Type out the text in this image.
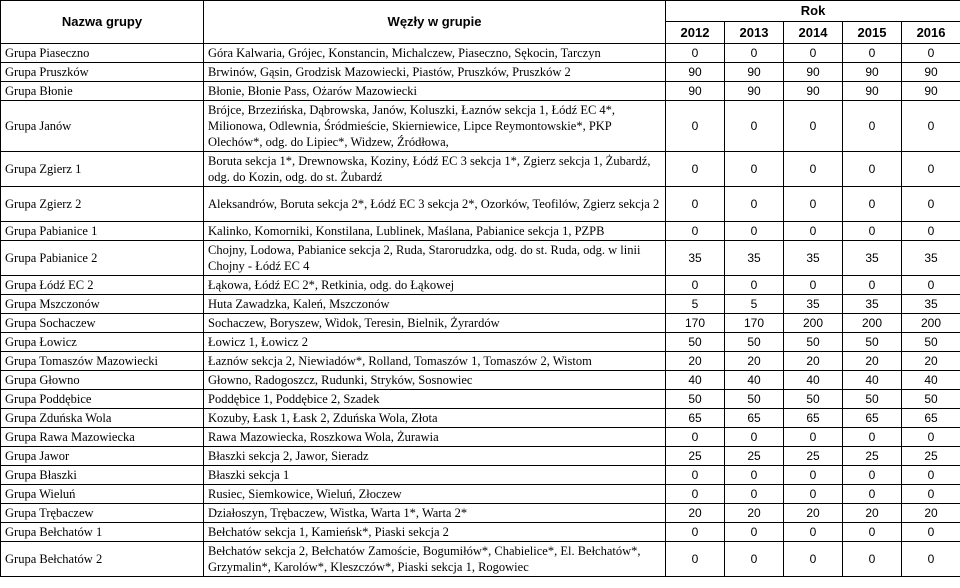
Nazwa grupy	Węzły w grupie	Rok				
		2012	2013	2014	2015	2016
Grupa Piaseczno	Góra Kalwaria, Grójec, Konstancin, Michalczew, Piaseczno, Sękocin, Tarczyn	0	0	0	0	0
Grupa Pruszków	Brwinów, Gąsin, Grodzisk Mazowiecki, Piastów, Pruszków, Pruszków 2	90	90	90	90	90
Grupa Błonie	Błonie, Błonie Pass, Ożarów Mazowiecki	90	90	90	90	90
Grupa Janów	Brójce, Brzezińska, Dąbrowska, Janów, Koluszki, Łaznów sekcja 1, Łódź EC 4*, Milionowa, Odlewnia, Śródmieście, Skierniewice, Lipce Reymontowskie*, PKP Olechów*, odg. do Lipiec*, Widzew, Źródłowa,	0	0	0	0	0
Grupa Zgierz 1	Boruta sekcja 1*, Drewnowska, Koziny, Łódź EC 3 sekcja 1*, Zgierz sekcja 1, Żubardź, odg. do Kozin, odg. do st. Żubardź	0	0	0	0	0
Grupa Zgierz 2	Aleksandrów, Boruta sekcja 2*, Łódź EC 3 sekcja 2*, Ozorków, Teofilów, Zgierz sekcja 2	0	0	0	0	0
Grupa Pabianice 1	Kalinko, Komorniki, Konstilana, Lublinek, Maślana, Pabianice sekcja 1, PZPB	0	0	0	0	0
Grupa Pabianice 2	Chojny, Lodowa, Pabianice sekcja 2, Ruda, Starorudzka, odg. do st. Ruda, odg. w linii Chojny - Łódź EC 4	35	35	35	35	35
Grupa Łódź EC 2	Łąkowa, Łódź EC 2*, Retkinia, odg. do Łąkowej	0	0	0	0	0
Grupa Mszczonów	Huta Zawadzka, Kaleń, Mszczonów	5	5	35	35	35
Grupa Sochaczew	Sochaczew, Boryszew, Widok, Teresin, Bielnik, Żyrardów	170	170	200	200	200
Grupa Łowicz	Łowicz 1, Łowicz 2	50	50	50	50	50
Grupa Tomaszów Mazowiecki	Łaznów sekcja 2, Niewiadów*, Rolland, Tomaszów 1, Tomaszów 2, Wistom	20	20	20	20	20
Grupa Głowno	Głowno, Radogoszcz, Rudunki, Stryków, Sosnowiec	40	40	40	40	40
Grupa Poddębice	Poddębice 1, Poddębice 2, Szadek	50	50	50	50	50
Grupa Zduńska Wola	Kozuby, Łask 1, Łask 2, Zduńska Wola, Złota	65	65	65	65	65
Grupa Rawa Mazowiecka	Rawa Mazowiecka, Roszkowa Wola, Żurawia	0	0	0	0	0
Grupa Jawor	Błaszki sekcja 2, Jawor, Sieradz	25	25	25	25	25
Grupa Błaszki	Błaszki sekcja 1	0	0	0	0	0
Grupa Wieluń	Rusiec, Siemkowice, Wieluń, Złoczew	0	0	0	0	0
Grupa Trębaczew	Działoszyn, Trębaczew, Wistka, Warta 1*, Warta 2*	20	20	20	20	20
Grupa Bełchatów 1	Bełchatów sekcja 1, Kamieńsk*, Piaski sekcja 2	0	0	0	0	0
Grupa Bełchatów 2	Bełchatów sekcja 2, Bełchatów Zamoście, Bogumiłów*, Chabielice*, El. Bełchatów*, Grzymalin*, Karolów*, Kleszczów*, Piaski sekcja 1, Rogowiec	0	0	0	0	0
